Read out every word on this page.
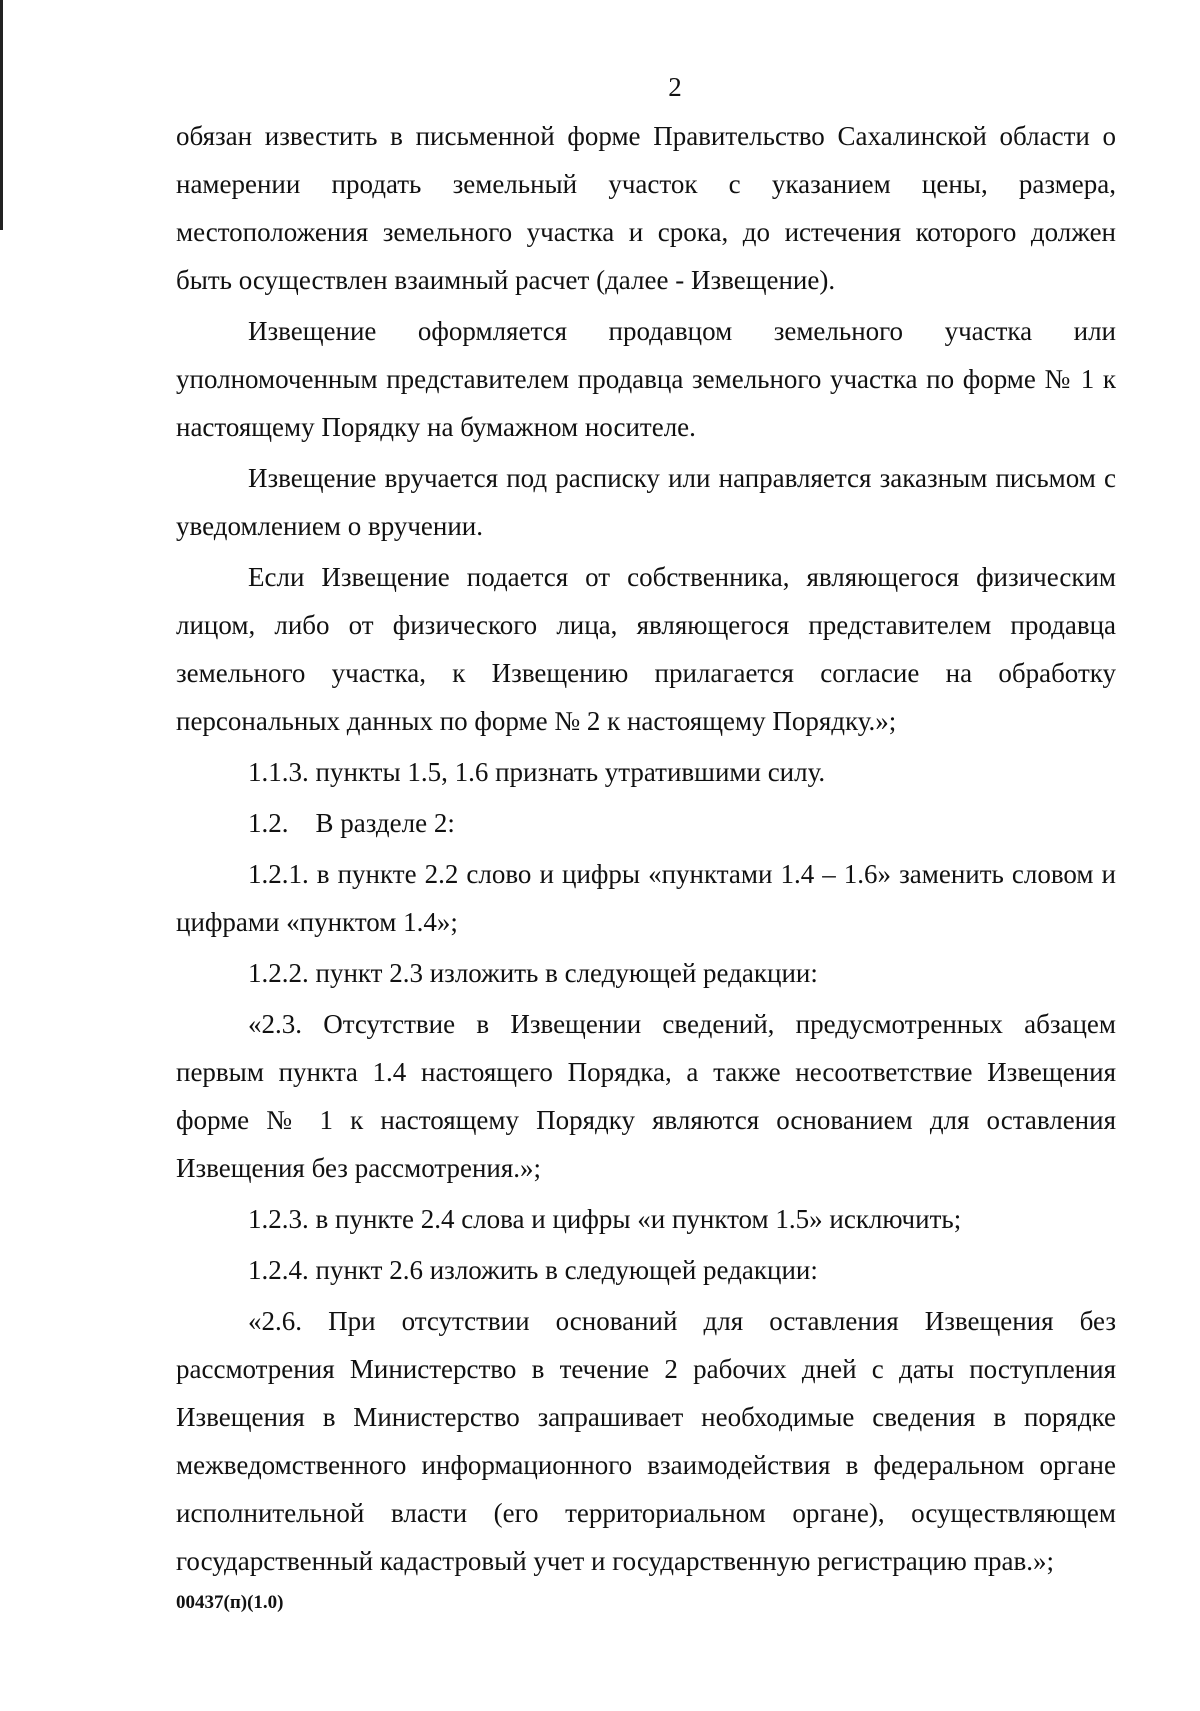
2

обязан известить в письменной форме Правительство Сахалинской области о намерении продать земельный участок с указанием цены, размера, местоположения земельного участка и срока, до истечения которого должен быть осуществлен взаимный расчет (далее - Извещение).

Извещение оформляется продавцом земельного участка или уполномоченным представителем продавца земельного участка по форме № 1 к настоящему Порядку на бумажном носителе.

Извещение вручается под расписку или направляется заказным письмом с уведомлением о вручении.

Если Извещение подается от собственника, являющегося физическим лицом, либо от физического лица, являющегося представителем продавца земельного участка, к Извещению прилагается согласие на обработку персональных данных по форме № 2 к настоящему Порядку.»;

1.1.3. пункты 1.5, 1.6 признать утратившими силу.

1.2.    В разделе 2:

1.2.1. в пункте 2.2 слово и цифры «пунктами 1.4 – 1.6» заменить словом и цифрами «пунктом 1.4»;

1.2.2. пункт 2.3 изложить в следующей редакции:

«2.3. Отсутствие в Извещении сведений, предусмотренных абзацем первым пункта 1.4 настоящего Порядка, а также несоответствие Извещения форме № 1 к настоящему Порядку являются основанием для оставления Извещения без рассмотрения.»;

1.2.3. в пункте 2.4 слова и цифры «и пунктом 1.5» исключить;

1.2.4. пункт 2.6 изложить в следующей редакции:

«2.6. При отсутствии оснований для оставления Извещения без рассмотрения Министерство в течение 2 рабочих дней с даты поступления Извещения в Министерство запрашивает необходимые сведения в порядке межведомственного информационного взаимодействия в федеральном органе исполнительной власти (его территориальном органе), осуществляющем государственный кадастровый учет и государственную регистрацию прав.»;

00437(п)(1.0)
